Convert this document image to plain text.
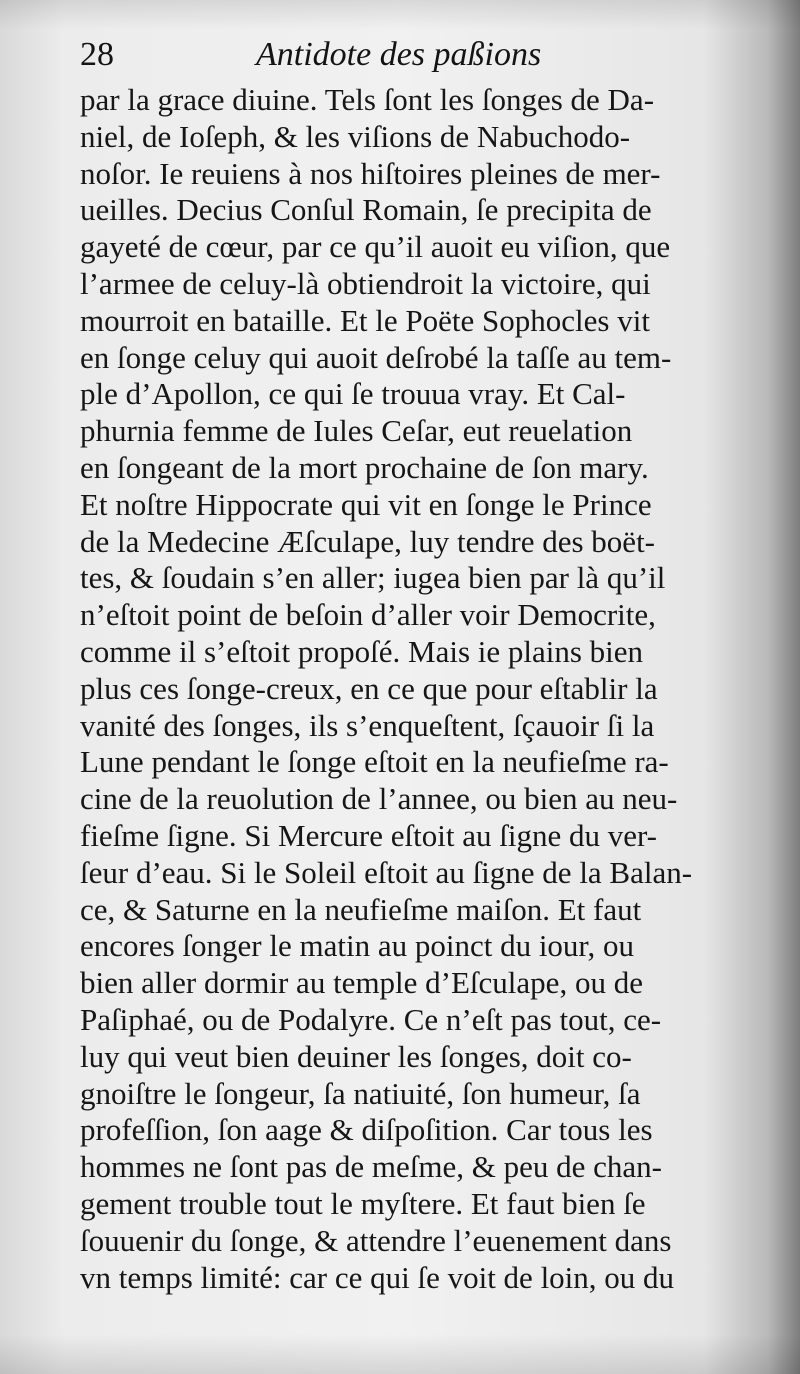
28	Antidote des paßions
par la grace diuine. Tels ſont les ſonges de Da-
niel, de Ioſeph, & les viſions de Nabuchodo-
noſor. Ie reuiens à nos hiſtoires pleines de mer-
ueilles. Decius Conſul Romain, ſe precipita de
gayeté de cœur, par ce qu’il auoit eu viſion, que
l’armee de celuy-là obtiendroit la victoire, qui
mourroit en bataille. Et le Poëte Sophocles vit
en ſonge celuy qui auoit deſrobé la taſſe au tem-
ple d’Apollon, ce qui ſe trouua vray. Et Cal-
phurnia femme de Iules Ceſar, eut reuelation
en ſongeant de la mort prochaine de ſon mary.
Et noſtre Hippocrate qui vit en ſonge le Prince
de la Medecine Æſculape, luy tendre des boët-
tes, & ſoudain s’en aller; iugea bien par là qu’il
n’eſtoit point de beſoin d’aller voir Democrite,
comme il s’eſtoit propoſé. Mais ie plains bien
plus ces ſonge-creux, en ce que pour eſtablir la
vanité des ſonges, ils s’enqueſtent, ſçauoir ſi la
Lune pendant le ſonge eſtoit en la neufieſme ra-
cine de la reuolution de l’annee, ou bien au neu-
fieſme ſigne. Si Mercure eſtoit au ſigne du ver-
ſeur d’eau. Si le Soleil eſtoit au ſigne de la Balan-
ce, & Saturne en la neufieſme maiſon. Et faut
encores ſonger le matin au poinct du iour, ou
bien aller dormir au temple d’Eſculape, ou de
Paſiphaé, ou de Podalyre. Ce n’eſt pas tout, ce-
luy qui veut bien deuiner les ſonges, doit co-
gnoiſtre le ſongeur, ſa natiuité, ſon humeur, ſa
profeſſion, ſon aage & diſpoſition. Car tous les
hommes ne ſont pas de meſme, & peu de chan-
gement trouble tout le myſtere. Et faut bien ſe
ſouuenir du ſonge, & attendre l’euenement dans
vn temps limité: car ce qui ſe voit de loin, ou du
